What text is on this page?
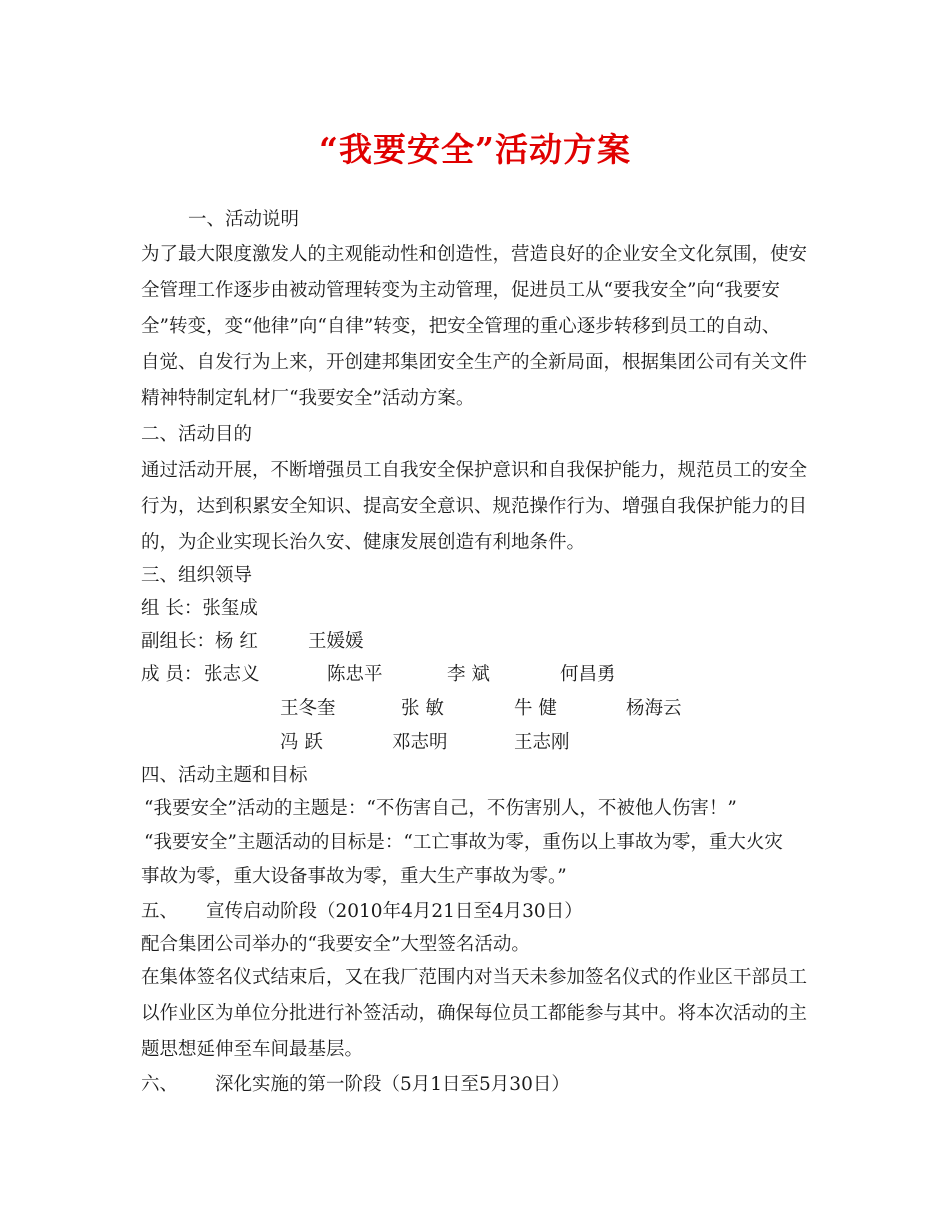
“我要安全”活动方案
一、活动说明
为了最大限度激发人的主观能动性和创造性，营造良好的企业安全文化氛围，使安
全管理工作逐步由被动管理转变为主动管理，促进员工从“要我安全”向“我要安
全”转变，变“他律”向“自律”转变，把安全管理的重心逐步转移到员工的自动、
自觉、自发行为上来，开创建邦集团安全生产的全新局面，根据集团公司有关文件
精神特制定轧材厂“我要安全”活动方案。
二、活动目的
通过活动开展，不断增强员工自我安全保护意识和自我保护能力，规范员工的安全
行为，达到积累安全知识、提高安全意识、规范操作行为、增强自我保护能力的目
的，为企业实现长治久安、健康发展创造有利地条件。
三、组织领导
组 长：张玺成
副组长： 杨 红	王媛媛
成 员： 张志义	陈忠平	李 斌	何昌勇
王冬奎	张 敏	牛 健	杨海云
冯 跃	邓志明	王志刚
四、活动主题和目标
“我要安全”活动的主题是：“不伤害自己，不伤害别人，不被他人伤害！”
“我要安全”主题活动的目标是：“工亡事故为零，重伤以上事故为零，重大火灾
事故为零，重大设备事故为零，重大生产事故为零。”
五、 宣传启动阶段（2010年4月21日至4月30日）
配合集团公司举办的“我要安全”大型签名活动。
在集体签名仪式结束后，又在我厂范围内对当天未参加签名仪式的作业区干部员工
以作业区为单位分批进行补签活动，确保每位员工都能参与其中。将本次活动的主
题思想延伸至车间最基层。
六、 深化实施的第一阶段（5月1日至5月30日）
